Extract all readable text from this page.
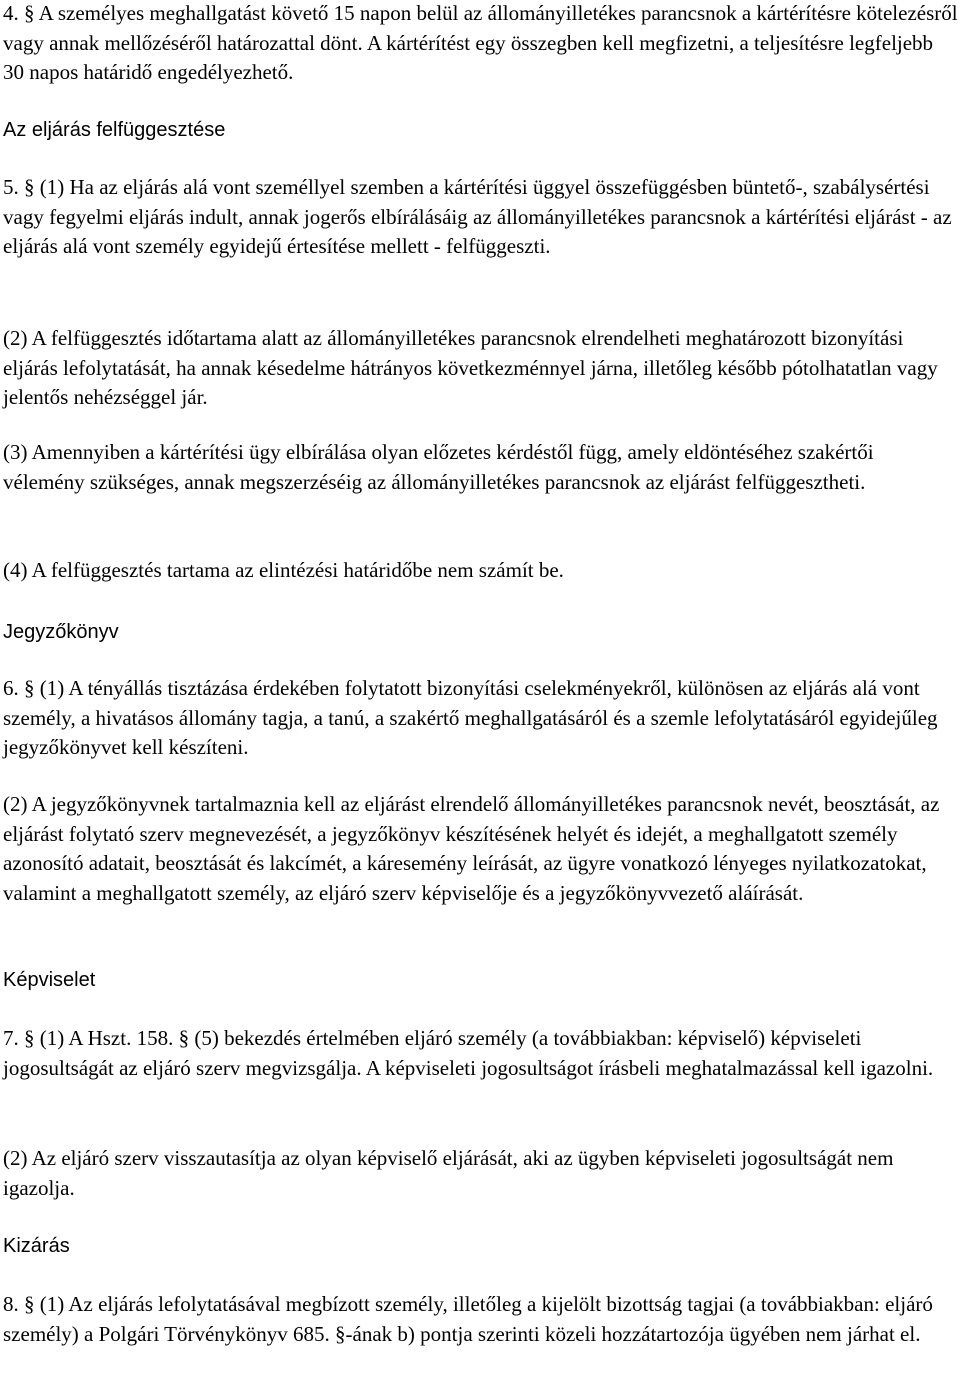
4. § A személyes meghallgatást követő 15 napon belül az állományilletékes parancsnok a kártérítésre kötelezésről vagy annak mellőzéséről határozattal dönt. A kártérítést egy összegben kell megfizetni, a teljesítésre legfeljebb 30 napos határidő engedélyezhető.

Az eljárás felfüggesztése

5. § (1) Ha az eljárás alá vont személlyel szemben a kártérítési üggyel összefüggésben büntető-, szabálysértési vagy fegyelmi eljárás indult, annak jogerős elbírálásáig az állományilletékes parancsnok a kártérítési eljárást - az eljárás alá vont személy egyidejű értesítése mellett - felfüggeszti.

(2) A felfüggesztés időtartama alatt az állományilletékes parancsnok elrendelheti meghatározott bizonyítási eljárás lefolytatását, ha annak késedelme hátrányos következménnyel járna, illetőleg később pótolhatatlan vagy jelentős nehézséggel jár.

(3) Amennyiben a kártérítési ügy elbírálása olyan előzetes kérdéstől függ, amely eldöntéséhez szakértői vélemény szükséges, annak megszerzéséig az állományilletékes parancsnok az eljárást felfüggesztheti.

(4) A felfüggesztés tartama az elintézési határidőbe nem számít be.

Jegyzőkönyv

6. § (1) A tényállás tisztázása érdekében folytatott bizonyítási cselekményekről, különösen az eljárás alá vont személy, a hivatásos állomány tagja, a tanú, a szakértő meghallgatásáról és a szemle lefolytatásáról egyidejűleg jegyzőkönyvet kell készíteni.

(2) A jegyzőkönyvnek tartalmaznia kell az eljárást elrendelő állományilletékes parancsnok nevét, beosztását, az eljárást folytató szerv megnevezését, a jegyzőkönyv készítésének helyét és idejét, a meghallgatott személy azonosító adatait, beosztását és lakcímét, a káresemény leírását, az ügyre vonatkozó lényeges nyilatkozatokat, valamint a meghallgatott személy, az eljáró szerv képviselője és a jegyzőkönyvvezető aláírását.

Képviselet

7. § (1) A Hszt. 158. § (5) bekezdés értelmében eljáró személy (a továbbiakban: képviselő) képviseleti jogosultságát az eljáró szerv megvizsgálja. A képviseleti jogosultságot írásbeli meghatalmazással kell igazolni.

(2) Az eljáró szerv visszautasítja az olyan képviselő eljárását, aki az ügyben képviseleti jogosultságát nem igazolja.

Kizárás

8. § (1) Az eljárás lefolytatásával megbízott személy, illetőleg a kijelölt bizottság tagjai (a továbbiakban: eljáró személy) a Polgári Törvénykönyv 685. §-ának b) pontja szerinti közeli hozzátartozója ügyében nem járhat el.
